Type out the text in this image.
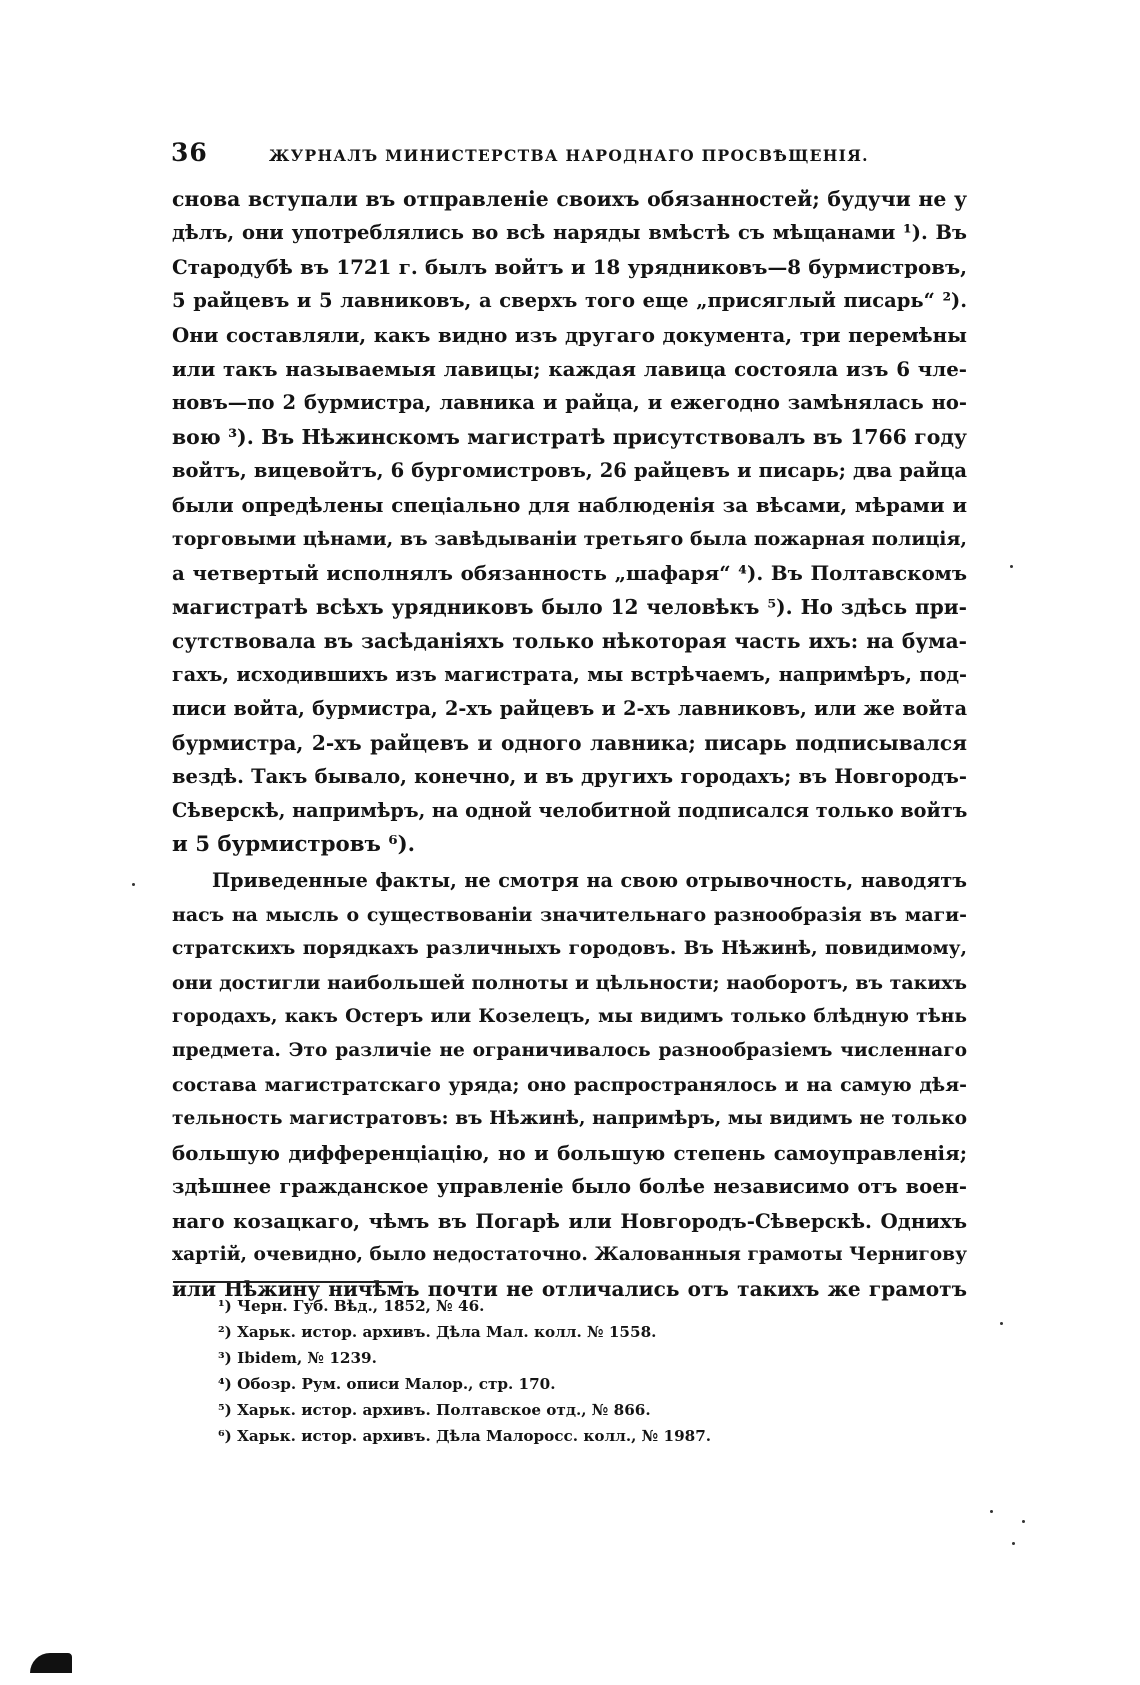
36	ЖУРНАЛЪ МИНИСТЕРСТВА НАРОДНАГО ПРОСВѢЩЕНІЯ.
снова вступали въ отправленіе своихъ обязанностей; будучи не у
дѣлъ, они употреблялись во всѣ наряды вмѣстѣ съ мѣщанами ¹). Въ
Стародубѣ въ 1721 г. былъ войтъ и 18 урядниковъ—8 бурмистровъ,
5 райцевъ и 5 лавниковъ, а сверхъ того еще „присяглый писарь“ ²).
Они составляли, какъ видно изъ другаго документа, три перемѣны
или такъ называемыя лавицы; каждая лавица состояла изъ 6 чле-
новъ—по 2 бурмистра, лавника и райца, и ежегодно замѣнялась но-
вою ³). Въ Нѣжинскомъ магистратѣ присутствовалъ въ 1766 году
войтъ, вицевойтъ, 6 бургомистровъ, 26 райцевъ и писарь; два райца
были опредѣлены спеціально для наблюденія за вѣсами, мѣрами и
торговыми цѣнами, въ завѣдываніи третьяго была пожарная полиція,
а четвертый исполнялъ обязанность „шафаря“ ⁴). Въ Полтавскомъ
магистратѣ всѣхъ урядниковъ было 12 человѣкъ ⁵). Но здѣсь при-
сутствовала въ засѣданіяхъ только нѣкоторая часть ихъ: на бума-
гахъ, исходившихъ изъ магистрата, мы встрѣчаемъ, напримѣръ, под-
писи войта, бурмистра, 2-хъ райцевъ и 2-хъ лавниковъ, или же войта
бурмистра, 2-хъ райцевъ и одного лавника; писарь подписывался
вездѣ. Такъ бывало, конечно, и въ другихъ городахъ; въ Новгородъ-
Сѣверскѣ, напримѣръ, на одной челобитной подписался только войтъ
и 5 бурмистровъ ⁶).
Приведенные факты, не смотря на свою отрывочность, наводятъ
насъ на мысль о существованіи значительнаго разнообразія въ маги-
стратскихъ порядкахъ различныхъ городовъ. Въ Нѣжинѣ, повидимому,
они достигли наибольшей полноты и цѣльности; наоборотъ, въ такихъ
городахъ, какъ Остеръ или Козелецъ, мы видимъ только блѣдную тѣнь
предмета. Это различіе не ограничивалось разнообразіемъ численнаго
состава магистратскаго уряда; оно распространялось и на самую дѣя-
тельность магистратовъ: въ Нѣжинѣ, напримѣръ, мы видимъ не только
большую дифференціацію, но и большую степень самоуправленія;
здѣшнее гражданское управленіе было болѣе независимо отъ воен-
наго козацкаго, чѣмъ въ Погарѣ или Новгородъ-Сѣверскѣ. Однихъ
хартій, очевидно, было недостаточно. Жалованныя грамоты Чернигову
или Нѣжину ничѣмъ почти не отличались отъ такихъ же грамотъ
¹) Черн. Губ. Вѣд., 1852, № 46.
²) Харьк. истор. архивъ. Дѣла Мал. колл. № 1558.
³) Ibidem, № 1239.
⁴) Обозр. Рум. описи Малор., стр. 170.
⁵) Харьк. истор. архивъ. Полтавское отд., № 866.
⁶) Харьк. истор. архивъ. Дѣла Малоросс. колл., № 1987.
